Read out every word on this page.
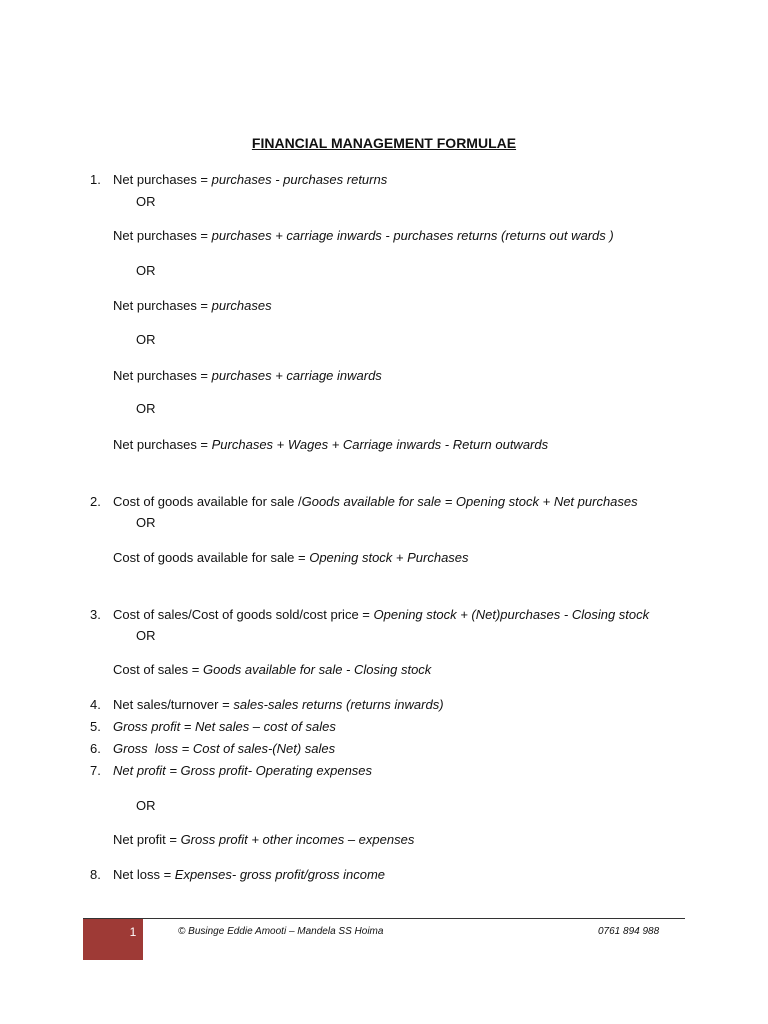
FINANCIAL MANAGEMENT FORMULAE
1. Net purchases = purchases - purchases returns
OR
Net purchases = purchases + carriage inwards - purchases returns (returns out wards )
OR
Net purchases = purchases
OR
Net purchases = purchases + carriage inwards
OR
Net purchases = Purchases + Wages + Carriage inwards - Return outwards
2. Cost of goods available for sale /Goods available for sale = Opening stock + Net purchases
OR
Cost of goods available for sale = Opening stock + Purchases
3. Cost of sales/Cost of goods sold/cost price = Opening stock + (Net)purchases - Closing stock
OR
Cost of sales = Goods available for sale - Closing stock
4. Net sales/turnover = sales-sales returns (returns inwards)
5. Gross profit = Net sales – cost of sales
6. Gross  loss = Cost of sales-(Net) sales
7. Net profit = Gross profit- Operating expenses
OR
Net profit = Gross profit + other incomes – expenses
8. Net loss = Expenses- gross profit/gross income
1	© Businge Eddie Amooti – Mandela SS Hoima	0761 894 988
